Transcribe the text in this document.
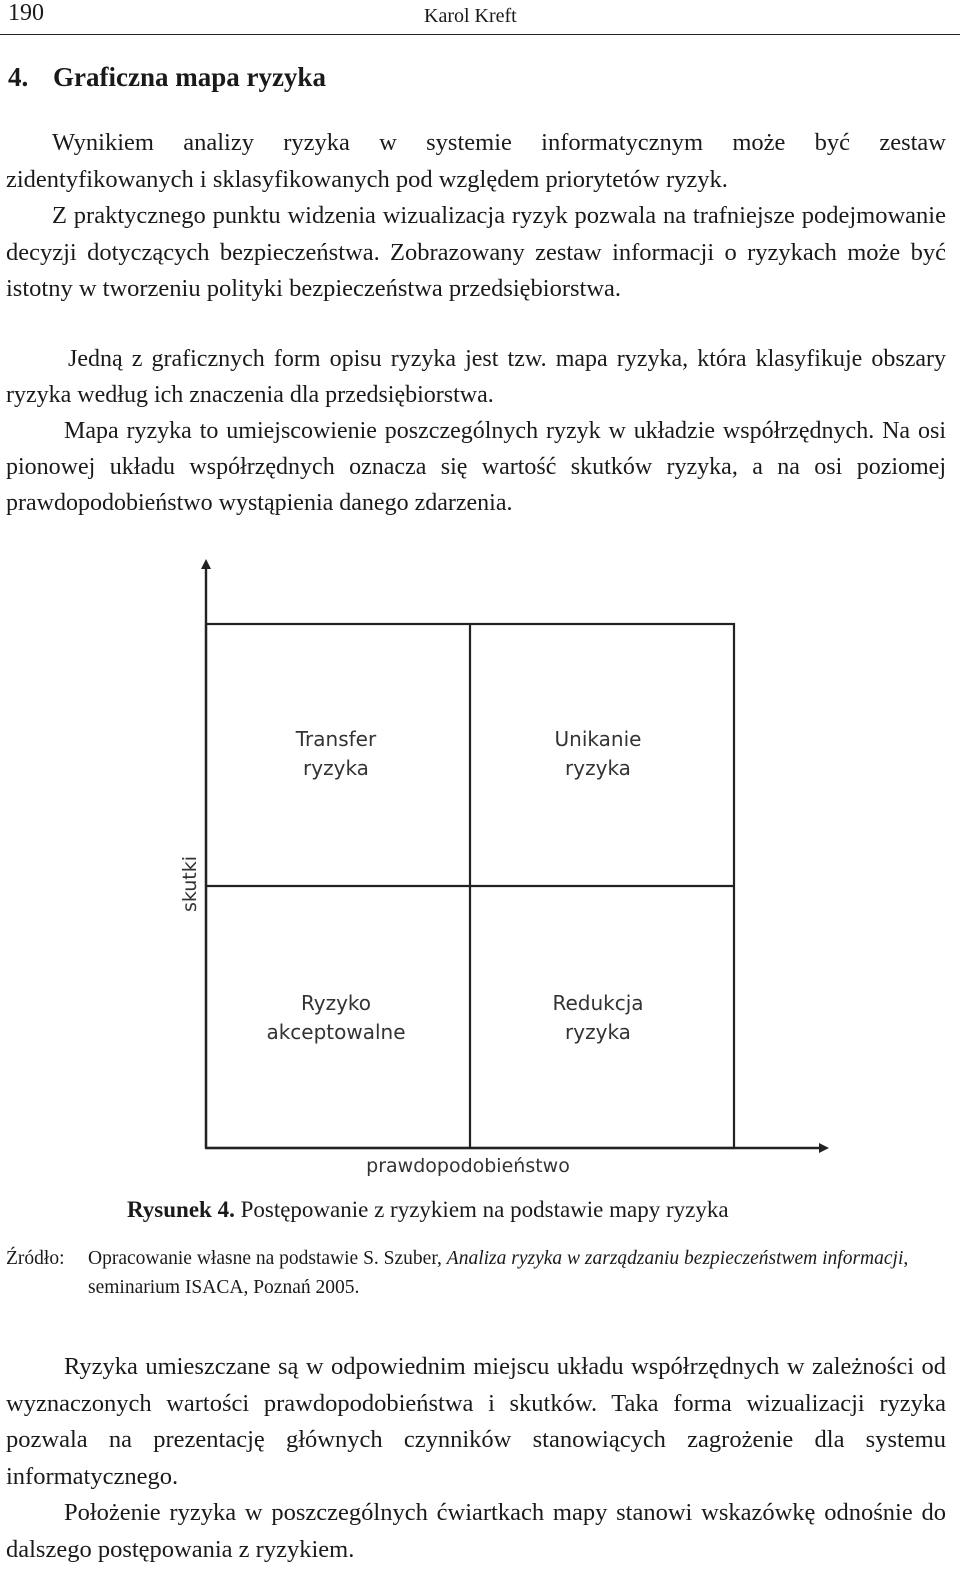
190	Karol Kreft
4. Graficzna mapa ryzyka

Wynikiem analizy ryzyka w systemie informatycznym może być zestaw zidentyfikowanych i sklasyfikowanych pod względem priorytetów ryzyk.

Z praktycznego punktu widzenia wizualizacja ryzyk pozwala na trafniejsze podejmowanie decyzji dotyczących bezpieczeństwa. Zobrazowany zestaw informacji o ryzykach może być istotny w tworzeniu polityki bezpieczeństwa przedsiębiorstwa.

Jedną z graficznych form opisu ryzyka jest tzw. mapa ryzyka, która klasyfikuje obszary ryzyka według ich znaczenia dla przedsiębiorstwa.

Mapa ryzyka to umiejscowienie poszczególnych ryzyk w układzie współrzędnych. Na osi pionowej układu współrzędnych oznacza się wartość skutków ryzyka, a na osi poziomej prawdopodobieństwo wystąpienia danego zdarzenia.

Transfer
ryzyka
Unikanie
ryzyka
Ryzyko
akceptowalne
Redukcja
ryzyka
skutki
prawdopodobieństwo
Rysunek 4. Postępowanie z ryzykiem na podstawie mapy ryzyka
Źródło: Opracowanie własne na podstawie S. Szuber, Analiza ryzyka w zarządzaniu bezpieczeństwem informacji, seminarium ISACA, Poznań 2005.

Ryzyka umieszczane są w odpowiednim miejscu układu współrzędnych w zależności od wyznaczonych wartości prawdopodobieństwa i skutków. Taka forma wizualizacji ryzyka pozwala na prezentację głównych czynników stanowiących zagrożenie dla systemu informatycznego.

Położenie ryzyka w poszczególnych ćwiartkach mapy stanowi wskazówkę odnośnie do dalszego postępowania z ryzykiem.
